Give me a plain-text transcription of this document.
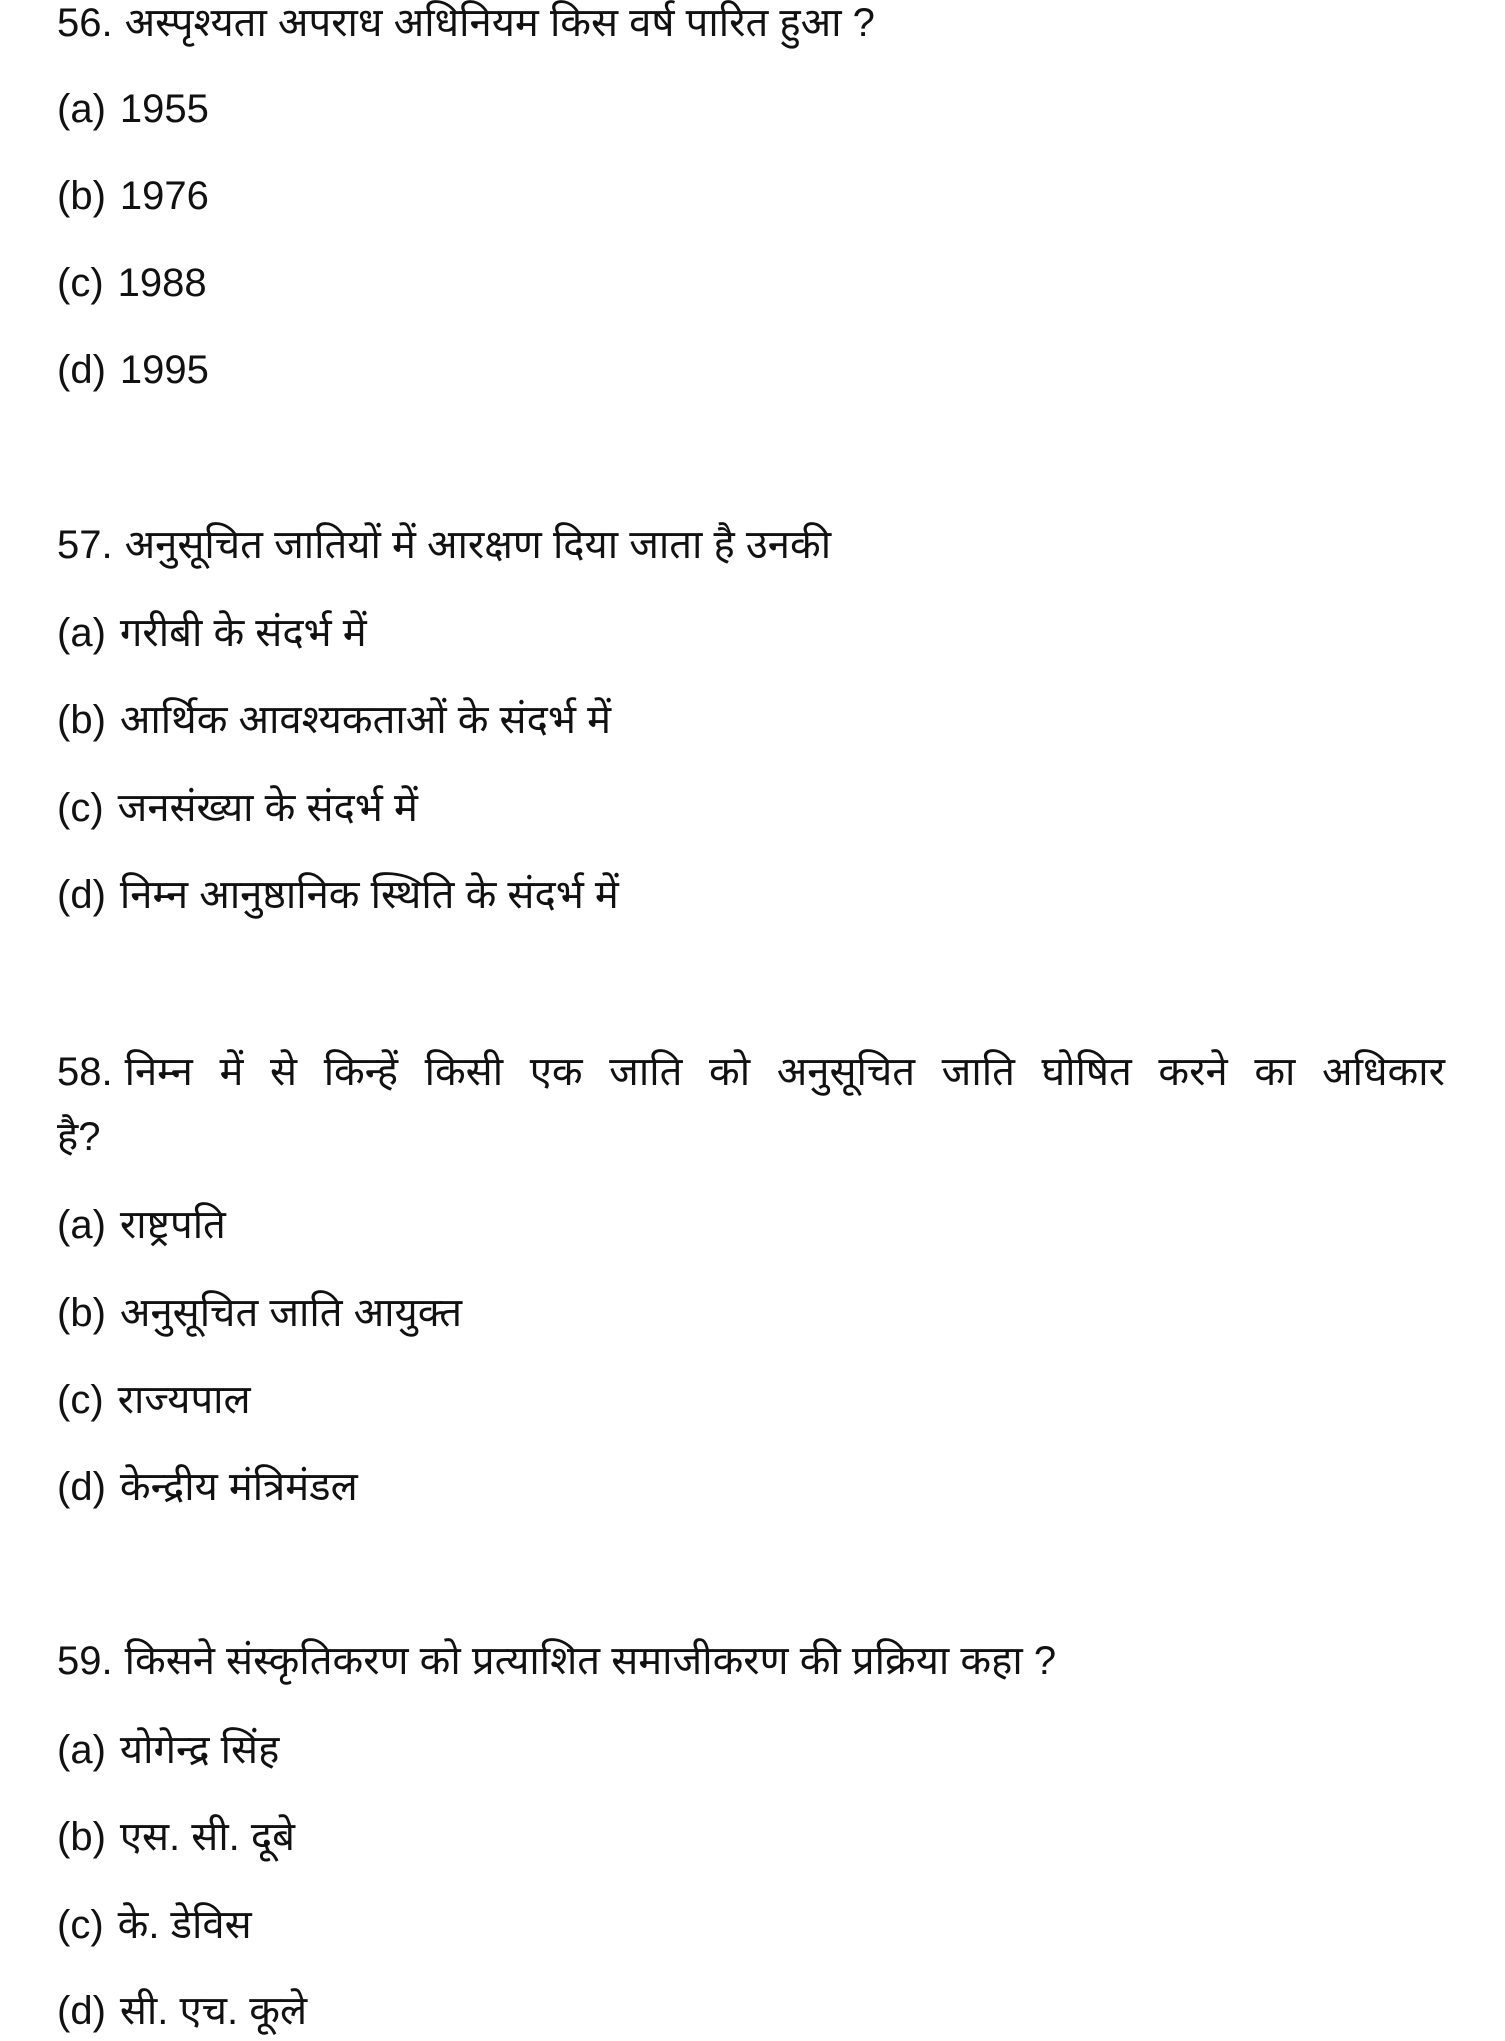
56. अस्पृश्यता अपराध अधिनियम किस वर्ष पारित हुआ ?
(a) 1955
(b) 1976
(c) 1988
(d) 1995
57. अनुसूचित जातियों में आरक्षण दिया जाता है उनकी
(a) गरीबी के संदर्भ में
(b) आर्थिक आवश्यकताओं के संदर्भ में
(c) जनसंख्या के संदर्भ में
(d) निम्न आनुष्ठानिक स्थिति के संदर्भ में
58. निम्न में से किन्हें किसी एक जाति को अनुसूचित जाति घोषित करने का अधिकार
है?
(a) राष्ट्रपति
(b) अनुसूचित जाति आयुक्त
(c) राज्यपाल
(d) केन्द्रीय मंत्रिमंडल
59. किसने संस्कृतिकरण को प्रत्याशित समाजीकरण की प्रक्रिया कहा ?
(a) योगेन्द्र सिंह
(b) एस. सी. दूबे
(c) के. डेविस
(d) सी. एच. कूले
